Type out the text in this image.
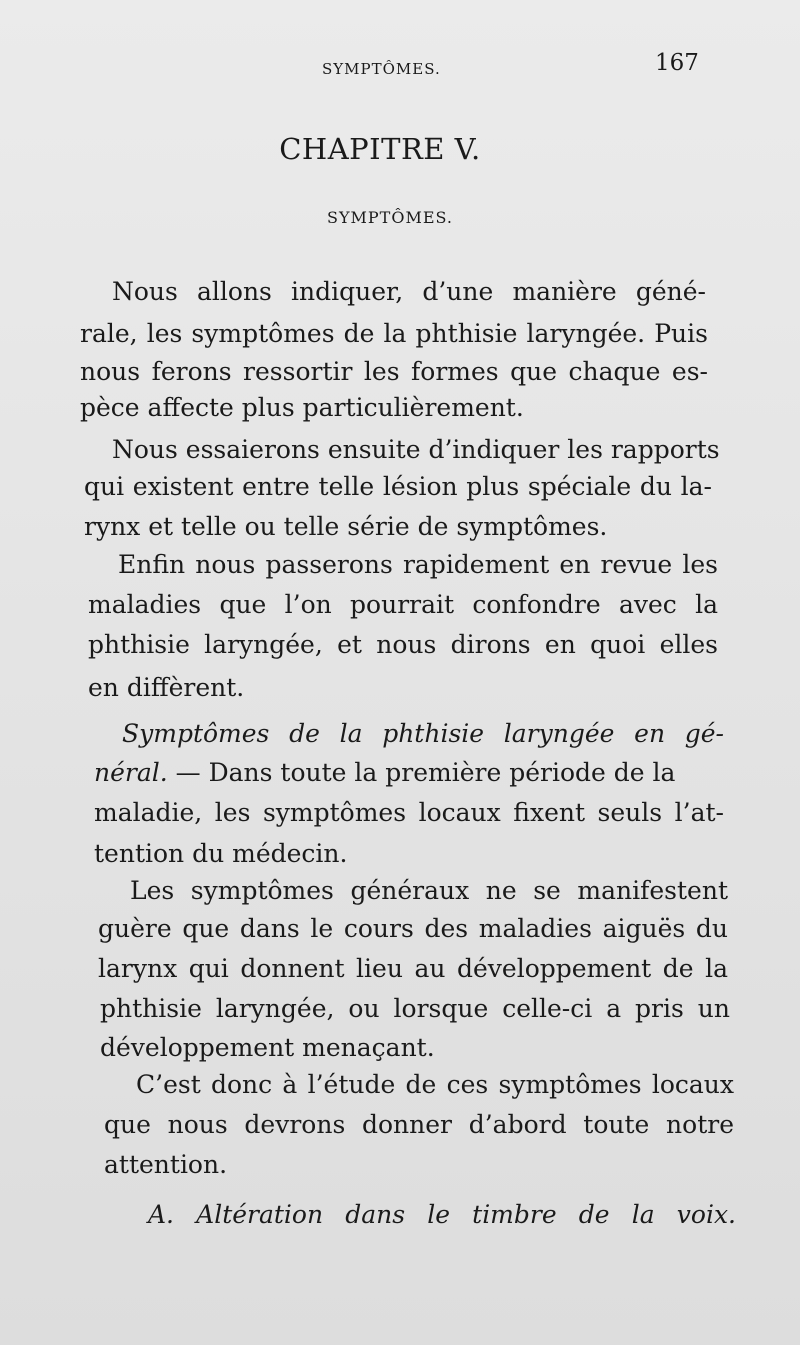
SYMPTÔMES.	167
CHAPITRE V.
SYMPTÔMES.
Nous allons indiquer, d’une manière géné-
rale, les symptômes de la phthisie laryngée. Puis
nous ferons ressortir les formes que chaque es-
pèce affecte plus particulièrement.
Nous essaierons ensuite d’indiquer les rapports
qui existent entre telle lésion plus spéciale du la-
rynx et telle ou telle série de symptômes.
Enfin nous passerons rapidement en revue les
maladies que l’on pourrait confondre avec la
phthisie laryngée, et nous dirons en quoi elles
en diffèrent.
Symptômes de la phthisie laryngée en gé-
néral. — Dans toute la première période de la
maladie, les symptômes locaux fixent seuls l’at-
tention du médecin.
Les symptômes généraux ne se manifestent
guère que dans le cours des maladies aiguës du
larynx qui donnent lieu au développement de la
phthisie laryngée, ou lorsque celle-ci a pris un
développement menaçant.
C’est donc à l’étude de ces symptômes locaux
que nous devrons donner d’abord toute notre
attention.
A. Altération dans le timbre de la voix.
